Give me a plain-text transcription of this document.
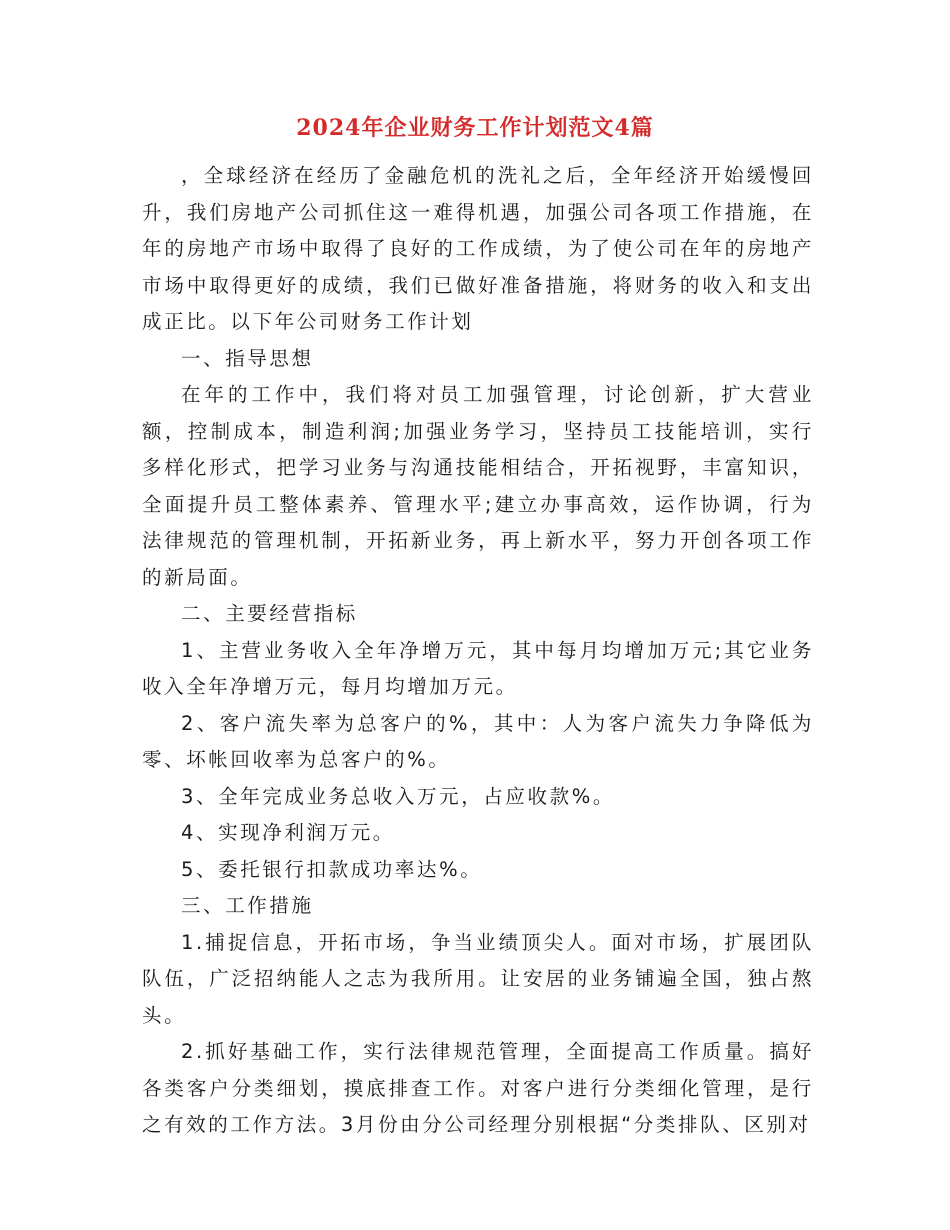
2024年企业财务工作计划范文4篇

，全球经济在经历了金融危机的洗礼之后，全年经济开始缓慢回升，我们房地产公司抓住这一难得机遇，加强公司各项工作措施，在年的房地产市场中取得了良好的工作成绩，为了使公司在年的房地产市场中取得更好的成绩，我们已做好准备措施，将财务的收入和支出成正比。以下年公司财务工作计划

一、指导思想

在年的工作中，我们将对员工加强管理，讨论创新，扩大营业额，控制成本，制造利润;加强业务学习，坚持员工技能培训，实行多样化形式，把学习业务与沟通技能相结合，开拓视野，丰富知识，全面提升员工整体素养、管理水平;建立办事高效，运作协调，行为法律规范的管理机制，开拓新业务，再上新水平，努力开创各项工作的新局面。

二、主要经营指标

1、主营业务收入全年净增万元，其中每月均增加万元;其它业务收入全年净增万元，每月均增加万元。

2、客户流失率为总客户的%，其中：人为客户流失力争降低为零、坏帐回收率为总客户的%。

3、全年完成业务总收入万元，占应收款%。

4、实现净利润万元。

5、委托银行扣款成功率达%。

三、工作措施

1.捕捉信息，开拓市场，争当业绩顶尖人。面对市场，扩展团队队伍，广泛招纳能人之志为我所用。让安居的业务铺遍全国，独占熬头。

2.抓好基础工作，实行法律规范管理，全面提高工作质量。搞好各类客户分类细划，摸底排查工作。对客户进行分类细化管理，是行之有效的工作方法。3月份由分公司经理分别根据“分类排队、区别对
